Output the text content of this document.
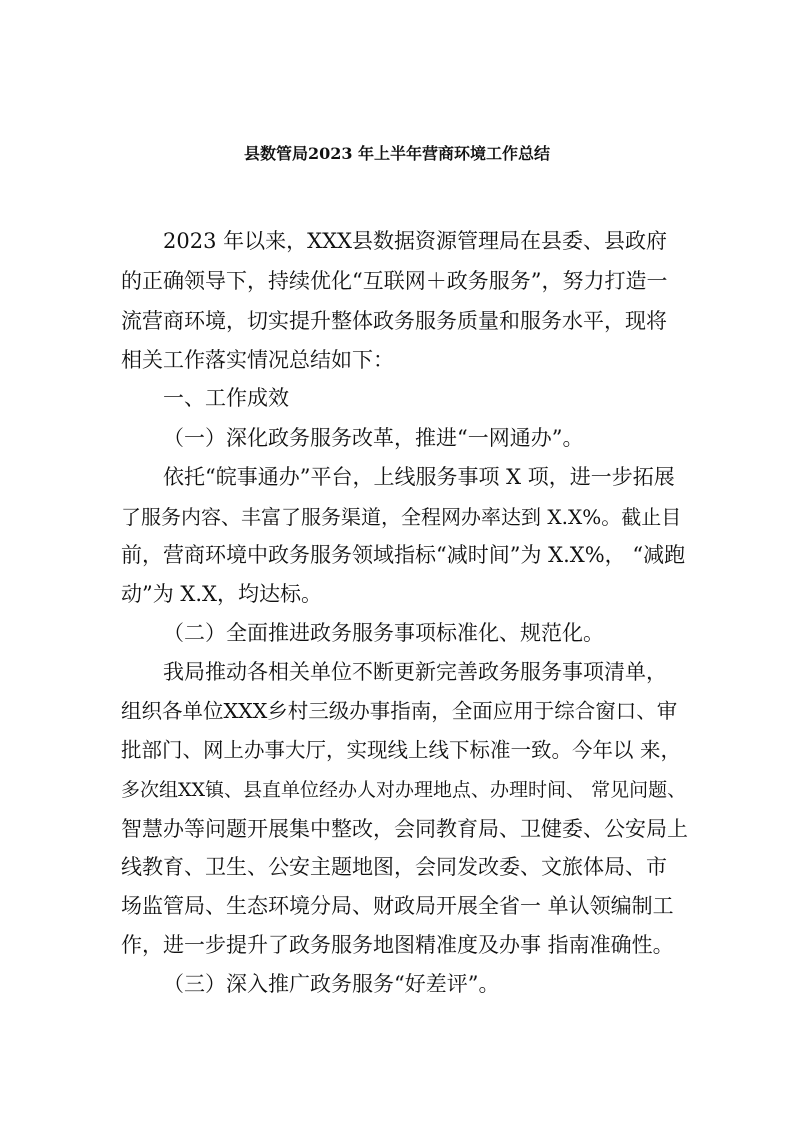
县数管局2023 年上半年营商环境工作总结
2023 年以来，XXX县数据资源管理局在县委、县政府
的正确领导下，持续优化“互联网＋政务服务”，努力打造一
流营商环境，切实提升整体政务服务质量和服务水平，现将
相关工作落实情况总结如下：
一、工作成效
（一）深化政务服务改革，推进“一网通办”。
依托“皖事通办”平台，上线服务事项 X 项，进一步拓展
了服务内容、丰富了服务渠道，全程网办率达到 X.X%。截止目
前，营商环境中政务服务领域指标“减时间”为 X.X%， “减跑
动”为 X.X，均达标。
（二）全面推进政务服务事项标准化、规范化。
我局推动各相关单位不断更新完善政务服务事项清单，
组织各单位XXX乡村三级办事指南，全面应用于综合窗口、审
批部门、网上办事大厅，实现线上线下标准一致。今年以 来，
多次组XX镇、县直单位经办人对办理地点、办理时间、 常见问题、
智慧办等问题开展集中整改，会同教育局、卫健委、公安局上
线教育、卫生、公安主题地图，会同发改委、文旅体局、市
场监管局、生态环境分局、财政局开展全省一 单认领编制工
作，进一步提升了政务服务地图精准度及办事 指南准确性。
（三）深入推广政务服务“好差评”。
